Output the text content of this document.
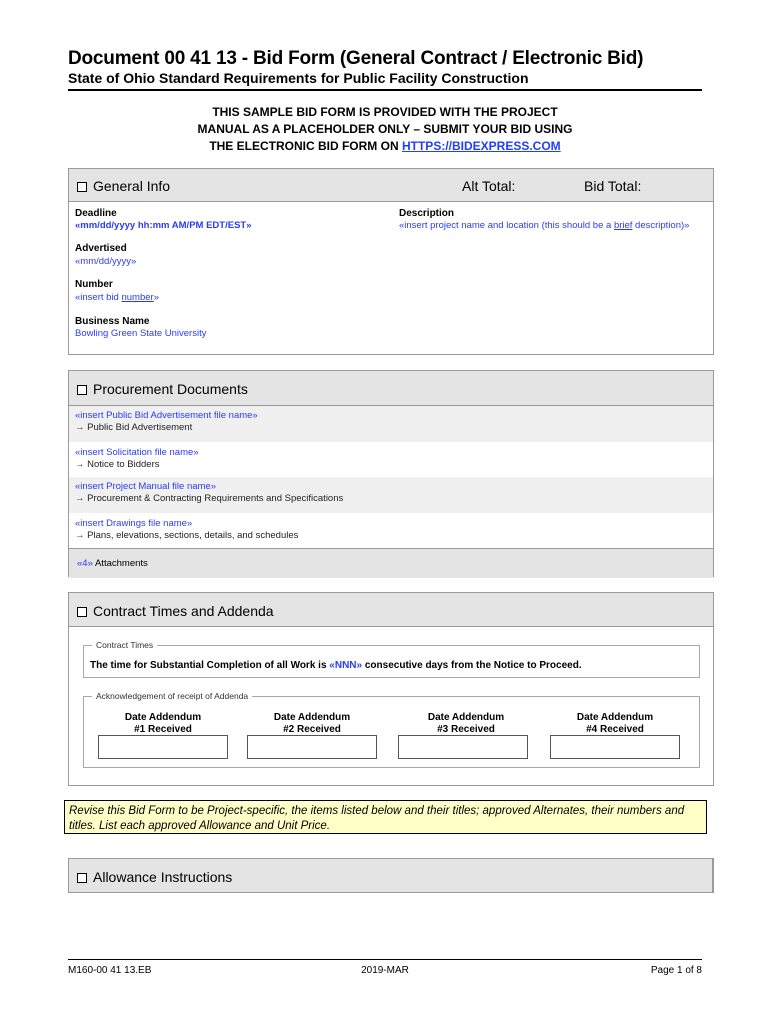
Document 00 41 13 - Bid Form (General Contract / Electronic Bid)
State of Ohio Standard Requirements for Public Facility Construction
THIS SAMPLE BID FORM IS PROVIDED WITH THE PROJECT
MANUAL AS A PLACEHOLDER ONLY – SUBMIT YOUR BID USING
THE ELECTRONIC BID FORM ON HTTPS://BIDEXPRESS.COM
General Info	Alt Total:	Bid Total:
Deadline
«mm/dd/yyyy hh:mm AM/PM EDT/EST»
Description
«insert project name and location (this should be a brief description)»
Advertised
«mm/dd/yyyy»
Number
«insert bid number»
Business Name
Bowling Green State University
Procurement Documents
«insert Public Bid Advertisement file name»
→ Public Bid Advertisement
«insert Solicitation file name»
→ Notice to Bidders
«insert Project Manual file name»
→ Procurement & Contracting Requirements and Specifications
«insert Drawings file name»
→ Plans, elevations, sections, details, and schedules
«4» Attachments
Contract Times and Addenda
Contract Times
The time for Substantial Completion of all Work is «NNN» consecutive days from the Notice to Proceed.
Acknowledgement of receipt of Addenda
Date Addendum
#1 Received
Date Addendum
#2 Received
Date Addendum
#3 Received
Date Addendum
#4 Received
Revise this Bid Form to be Project-specific, the items listed below and their titles; approved Alternates, their numbers and titles. List each approved Allowance and Unit Price.
Allowance Instructions
M160-00 41 13.EB	2019-MAR	Page 1 of 8
